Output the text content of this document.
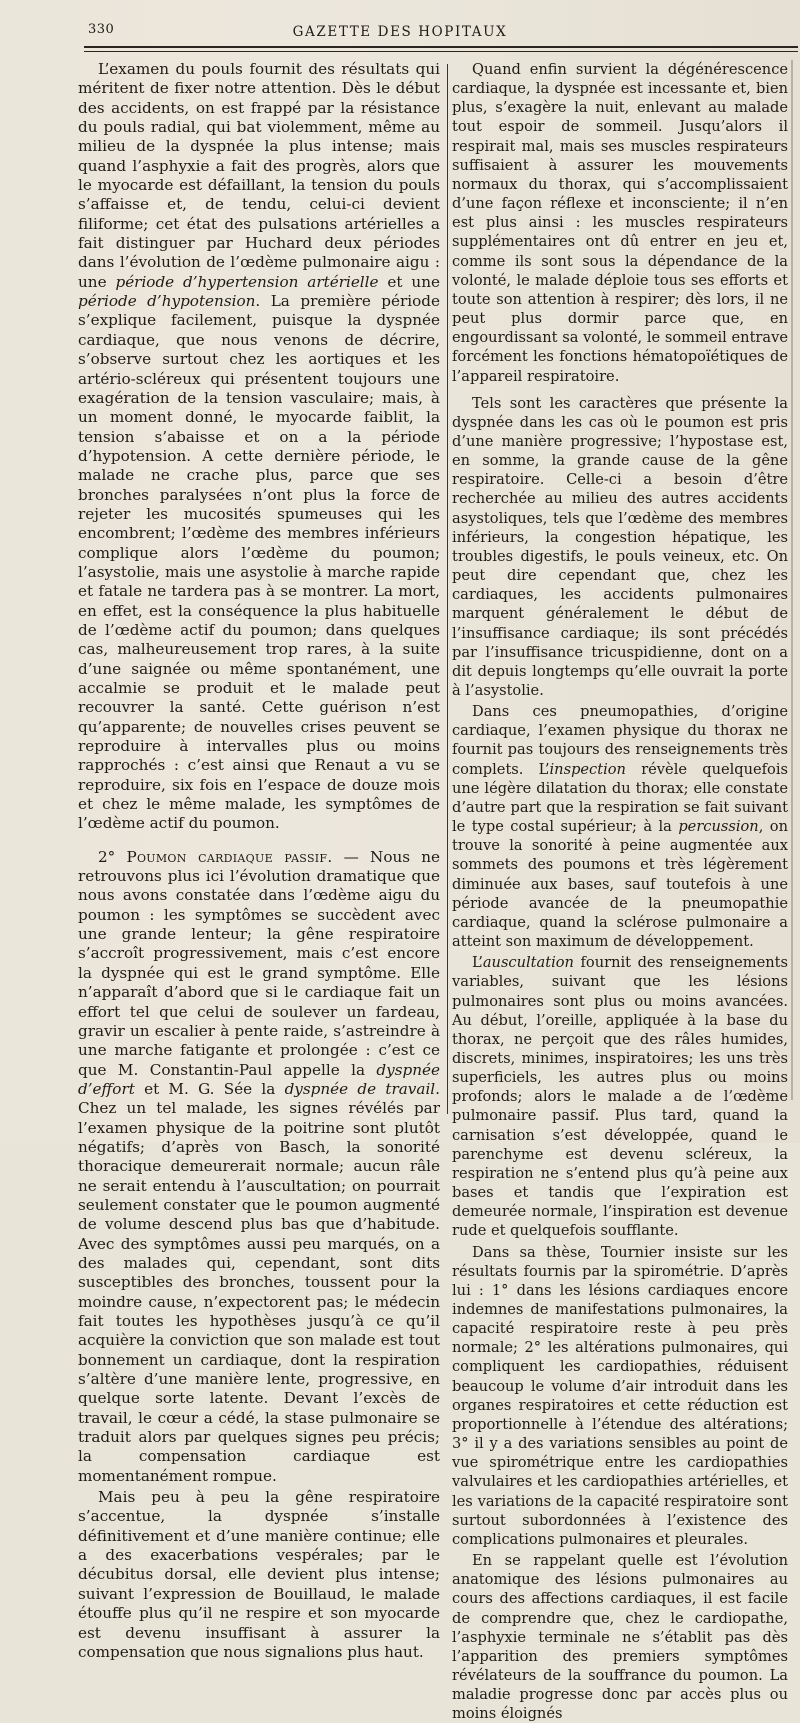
330	GAZETTE DES HOPITAUX

L’examen du pouls fournit des résultats qui méritent de fixer notre attention. Dès le début des accidents, on est frappé par la résistance du pouls radial, qui bat violemment, même au milieu de la dyspnée la plus intense; mais quand l’asphyxie a fait des progrès, alors que le myocarde est défaillant, la tension du pouls s’affaisse et, de tendu, celui-ci devient filiforme; cet état des pulsations artérielles a fait distinguer par Huchard deux périodes dans l’évolution de l’œdème pulmonaire aigu : une période d’hypertension artérielle et une période d’hypotension. La première période s’explique facilement, puisque la dyspnée cardiaque, que nous venons de décrire, s’observe surtout chez les aortiques et les artério-scléreux qui présentent toujours une exagération de la tension vasculaire; mais, à un moment donné, le myocarde faiblit, la tension s’abaisse et on a la période d’hypotension. A cette dernière période, le malade ne crache plus, parce que ses bronches paralysées n’ont plus la force de rejeter les mucosités spumeuses qui les encombrent; l’œdème des membres inférieurs complique alors l’œdème du poumon; l’asystolie, mais une asystolie à marche rapide et fatale ne tardera pas à se montrer. La mort, en effet, est la conséquence la plus habituelle de l’œdème actif du poumon; dans quelques cas, malheureusement trop rares, à la suite d’une saignée ou même spontanément, une accalmie se produit et le malade peut recouvrer la santé. Cette guérison n’est qu’apparente; de nouvelles crises peuvent se reproduire à intervalles plus ou moins rapprochés : c’est ainsi que Renaut a vu se reproduire, six fois en l’espace de douze mois et chez le même malade, les symptômes de l’œdème actif du poumon.

2° Poumon cardiaque passif. — Nous ne retrouvons plus ici l’évolution dramatique que nous avons constatée dans l’œdème aigu du poumon : les symptômes se succèdent avec une grande lenteur; la gêne respiratoire s’accroît progressivement, mais c’est encore la dyspnée qui est le grand symptôme. Elle n’apparaît d’abord que si le cardiaque fait un effort tel que celui de soulever un fardeau, gravir un escalier à pente raide, s’astreindre à une marche fatigante et prolongée : c’est ce que M. Constantin-Paul appelle la dyspnée d’effort et M. G. Sée la dyspnée de travail. Chez un tel malade, les signes révélés par l’examen physique de la poitrine sont plutôt négatifs; d’après von Basch, la sonorité thoracique demeurerait normale; aucun râle ne serait entendu à l’auscultation; on pourrait seulement constater que le poumon augmenté de volume descend plus bas que d’habitude. Avec des symptômes aussi peu marqués, on a des malades qui, cependant, sont dits susceptibles des bronches, toussent pour la moindre cause, n’expectorent pas; le médecin fait toutes les hypothèses jusqu’à ce qu’il acquière la conviction que son malade est tout bonnement un cardiaque, dont la respiration s’altère d’une manière lente, progressive, en quelque sorte latente. Devant l’excès de travail, le cœur a cédé, la stase pulmonaire se traduit alors par quelques signes peu précis; la compensation cardiaque est momentanément rompue.

Mais peu à peu la gêne respiratoire s’accentue, la dyspnée s’installe définitivement et d’une manière continue; elle a des exacerbations vespérales; par le décubitus dorsal, elle devient plus intense; suivant l’expression de Bouillaud, le malade étouffe plus qu’il ne respire et son myocarde est devenu insuffisant à assurer la compensation que nous signalions plus haut.

Quand enfin survient la dégénérescence cardiaque, la dyspnée est incessante et, bien plus, s’exagère la nuit, enlevant au malade tout espoir de sommeil. Jusqu’alors il respirait mal, mais ses muscles respirateurs suffisaient à assurer les mouvements normaux du thorax, qui s’accomplissaient d’une façon réflexe et inconsciente; il n’en est plus ainsi : les muscles respirateurs supplémentaires ont dû entrer en jeu et, comme ils sont sous la dépendance de la volonté, le malade déploie tous ses efforts et toute son attention à respirer; dès lors, il ne peut plus dormir parce que, en engourdissant sa volonté, le sommeil entrave forcément les fonctions hématopoïétiques de l’appareil respiratoire.

Tels sont les caractères que présente la dyspnée dans les cas où le poumon est pris d’une manière progressive; l’hypostase est, en somme, la grande cause de la gêne respiratoire. Celle-ci a besoin d’être recherchée au milieu des autres accidents asystoliques, tels que l’œdème des membres inférieurs, la congestion hépatique, les troubles digestifs, le pouls veineux, etc. On peut dire cependant que, chez les cardiaques, les accidents pulmonaires marquent généralement le début de l’insuffisance cardiaque; ils sont précédés par l’insuffisance tricuspidienne, dont on a dit depuis longtemps qu’elle ouvrait la porte à l’asystolie.

Dans ces pneumopathies, d’origine cardiaque, l’examen physique du thorax ne fournit pas toujours des renseignements très complets. L’inspection révèle quelquefois une légère dilatation du thorax; elle constate d’autre part que la respiration se fait suivant le type costal supérieur; à la percussion, on trouve la sonorité à peine augmentée aux sommets des poumons et très légèrement diminuée aux bases, sauf toutefois à une période avancée de la pneumopathie cardiaque, quand la sclérose pulmonaire a atteint son maximum de développement.

L’auscultation fournit des renseignements variables, suivant que les lésions pulmonaires sont plus ou moins avancées. Au début, l’oreille, appliquée à la base du thorax, ne perçoit que des râles humides, discrets, minimes, inspiratoires; les uns très superficiels, les autres plus ou moins profonds; alors le malade a de l’œdème pulmonaire passif. Plus tard, quand la carnisation s’est développée, quand le parenchyme est devenu scléreux, la respiration ne s’entend plus qu’à peine aux bases et tandis que l’expiration est demeurée normale, l’inspiration est devenue rude et quelquefois soufflante.

Dans sa thèse, Tournier insiste sur les résultats fournis par la spirométrie. D’après lui : 1° dans les lésions cardiaques encore indemnes de manifestations pulmonaires, la capacité respiratoire reste à peu près normale; 2° les altérations pulmonaires, qui compliquent les cardiopathies, réduisent beaucoup le volume d’air introduit dans les organes respiratoires et cette réduction est proportionnelle à l’étendue des altérations; 3° il y a des variations sensibles au point de vue spirométrique entre les cardiopathies valvulaires et les cardiopathies artérielles, et les variations de la capacité respiratoire sont surtout subordonnées à l’existence des complications pulmonaires et pleurales.

En se rappelant quelle est l’évolution anatomique des lésions pulmonaires au cours des affections cardiaques, il est facile de comprendre que, chez le cardiopathe, l’asphyxie terminale ne s’établit pas dès l’apparition des premiers symptômes révélateurs de la souffrance du poumon. La maladie progresse donc par accès plus ou moins éloignés
